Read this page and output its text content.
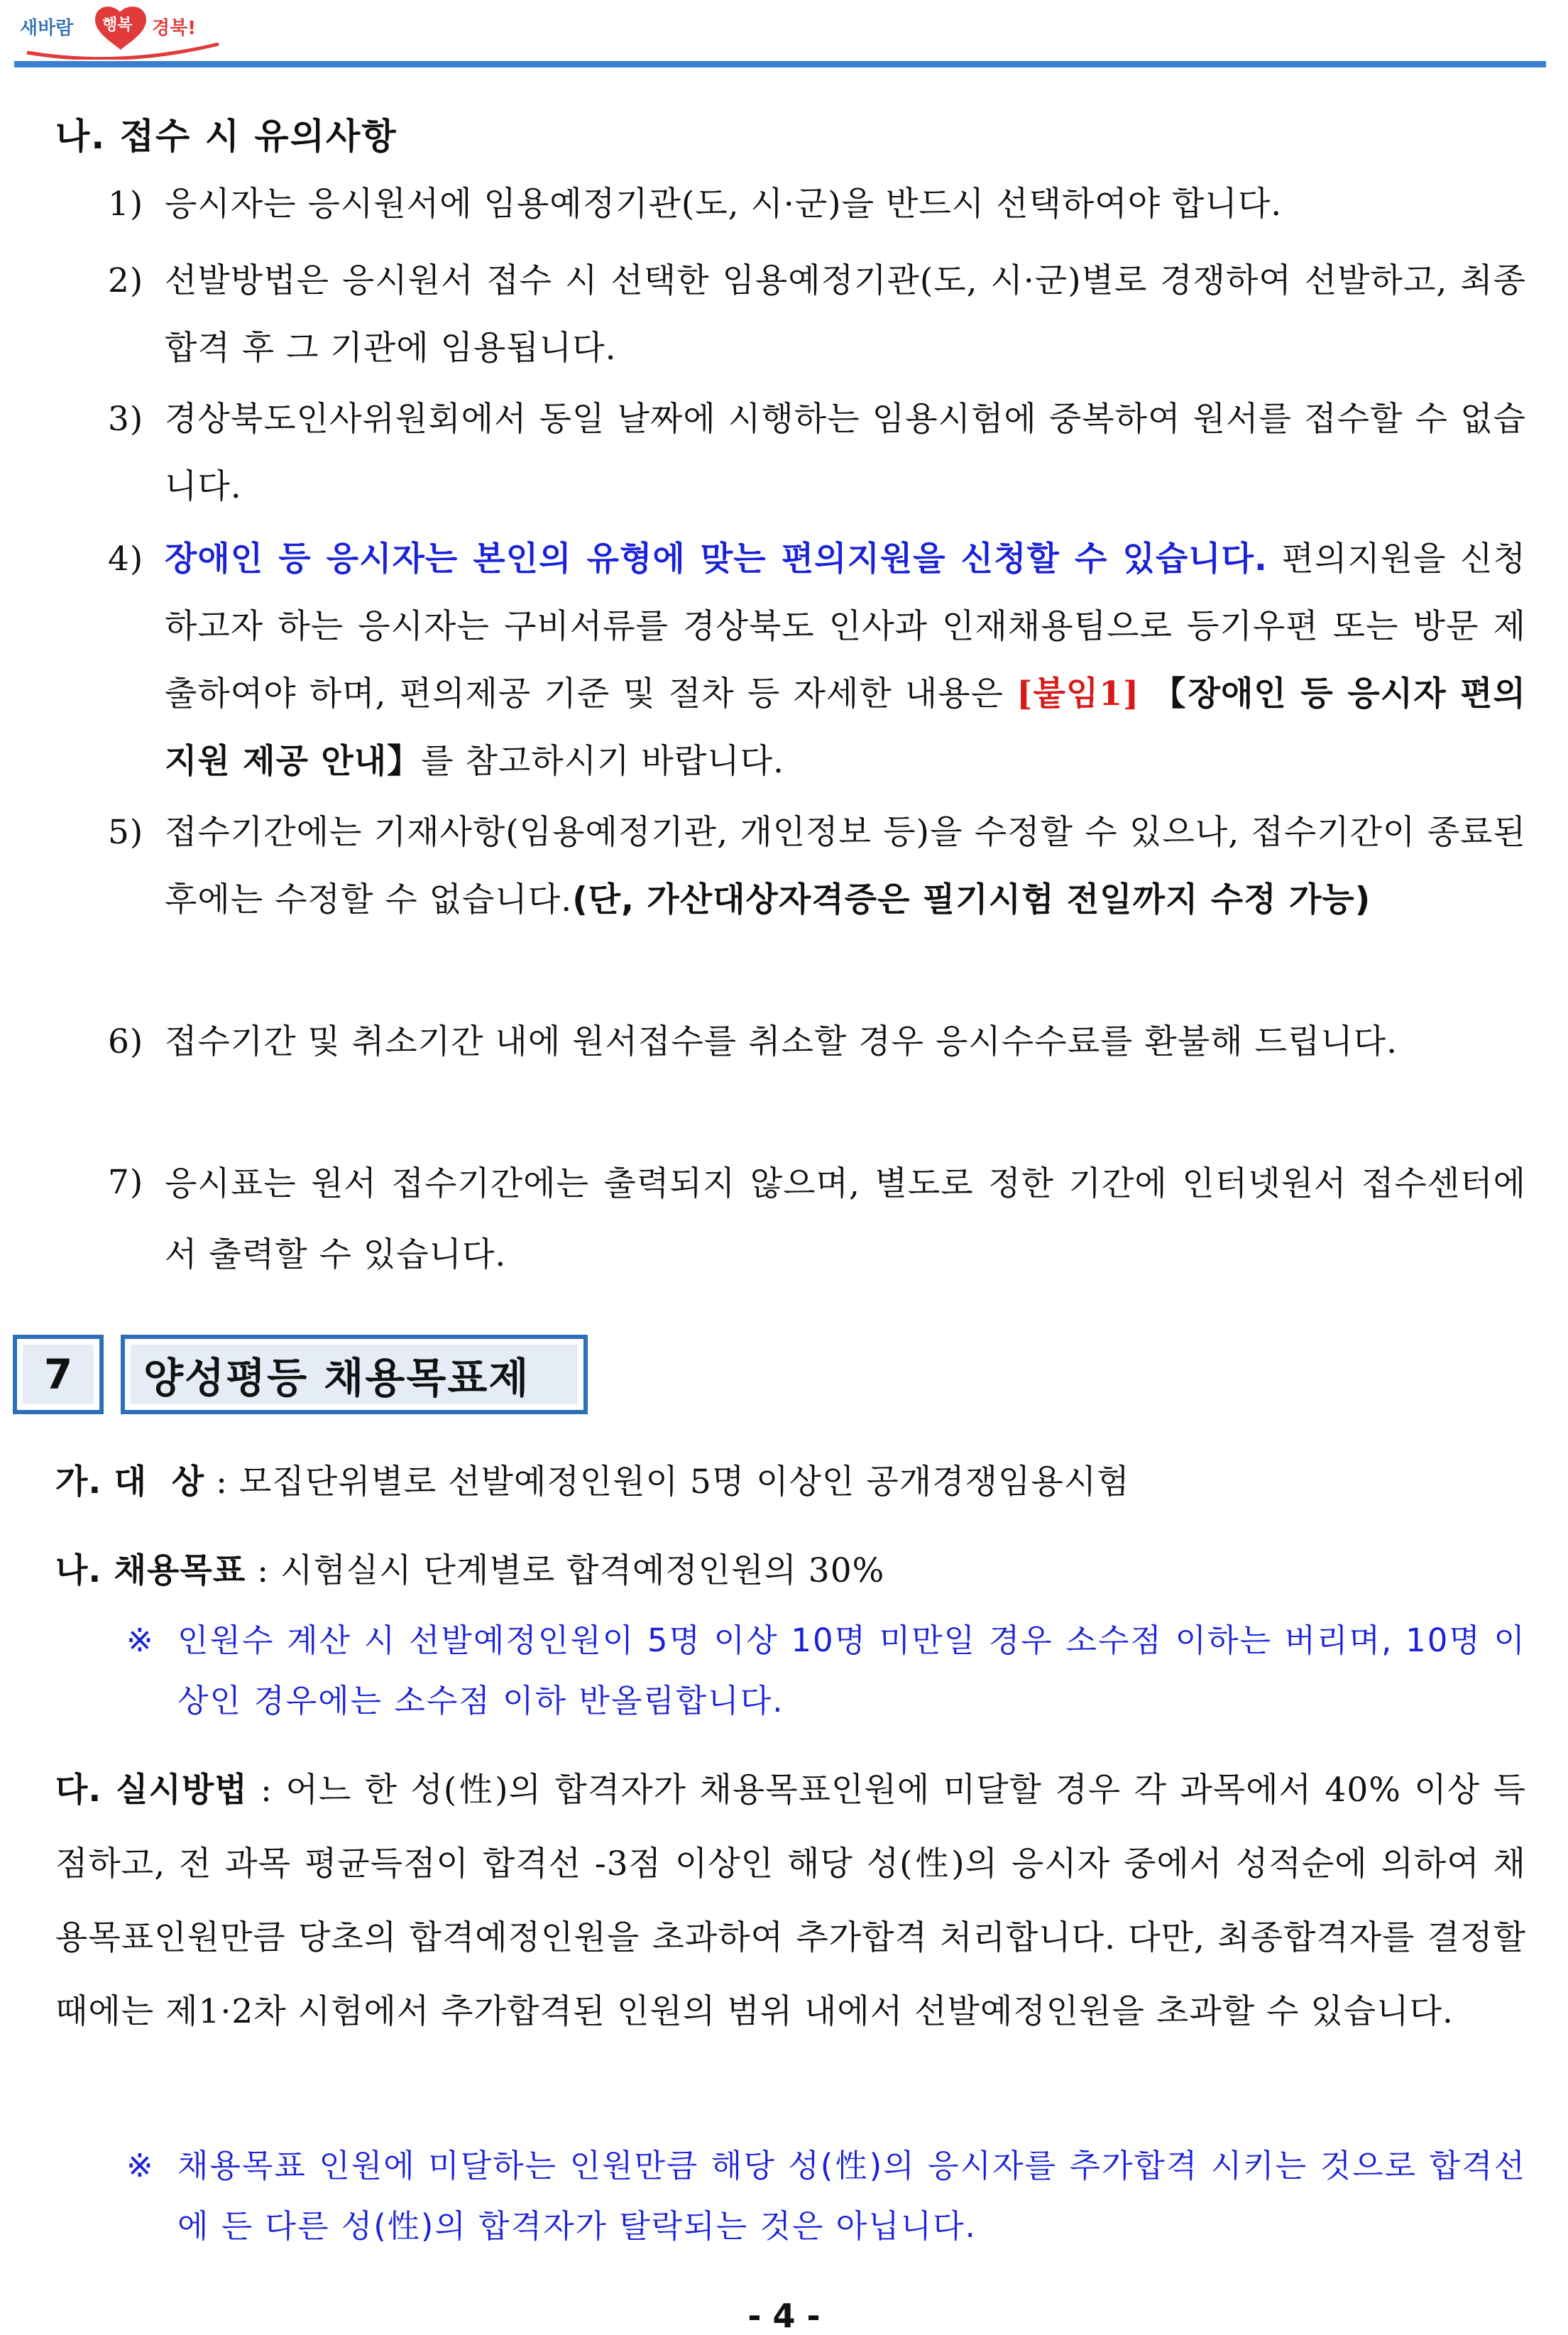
새바람 행복 경북!
나. 접수 시 유의사항
1) 응시자는 응시원서에 임용예정기관(도, 시·군)을 반드시 선택하여야 합니다.
2) 선발방법은 응시원서 접수 시 선택한 임용예정기관(도, 시·군)별로 경쟁하여 선발하고, 최종합격 후 그 기관에 임용됩니다.
3) 경상북도인사위원회에서 동일 날짜에 시행하는 임용시험에 중복하여 원서를 접수할 수 없습니다.
4) 장애인 등 응시자는 본인의 유형에 맞는 편의지원을 신청할 수 있습니다. 편의지원을 신청하고자 하는 응시자는 구비서류를 경상북도 인사과 인재채용팀으로 등기우편 또는 방문 제출하여야 하며, 편의제공 기준 및 절차 등 자세한 내용은 [붙임1] 【장애인 등 응시자 편의지원 제공 안내】를 참고하시기 바랍니다.
5) 접수기간에는 기재사항(임용예정기관, 개인정보 등)을 수정할 수 있으나, 접수기간이 종료된 후에는 수정할 수 없습니다.(단, 가산대상자격증은 필기시험 전일까지 수정 가능)
6) 접수기간 및 취소기간 내에 원서접수를 취소할 경우 응시수수료를 환불해 드립니다.
7) 응시표는 원서 접수기간에는 출력되지 않으며, 별도로 정한 기간에 인터넷원서 접수센터에서 출력할 수 있습니다.
7	양성평등 채용목표제
가. 대  상 : 모집단위별로 선발예정인원이 5명 이상인 공개경쟁임용시험
나. 채용목표 : 시험실시 단계별로 합격예정인원의 30%
※ 인원수 계산 시 선발예정인원이 5명 이상 10명 미만일 경우 소수점 이하는 버리며, 10명 이상인 경우에는 소수점 이하 반올림합니다.
다. 실시방법 : 어느 한 성(性)의 합격자가 채용목표인원에 미달할 경우 각 과목에서 40% 이상 득점하고, 전 과목 평균득점이 합격선 -3점 이상인 해당 성(性)의 응시자 중에서 성적순에 의하여 채용목표인원만큼 당초의 합격예정인원을 초과하여 추가합격 처리합니다. 다만, 최종합격자를 결정할 때에는 제1·2차 시험에서 추가합격된 인원의 범위 내에서 선발예정인원을 초과할 수 있습니다.
※ 채용목표 인원에 미달하는 인원만큼 해당 성(性)의 응시자를 추가합격 시키는 것으로 합격선에 든 다른 성(性)의 합격자가 탈락되는 것은 아닙니다.
- 4 -
